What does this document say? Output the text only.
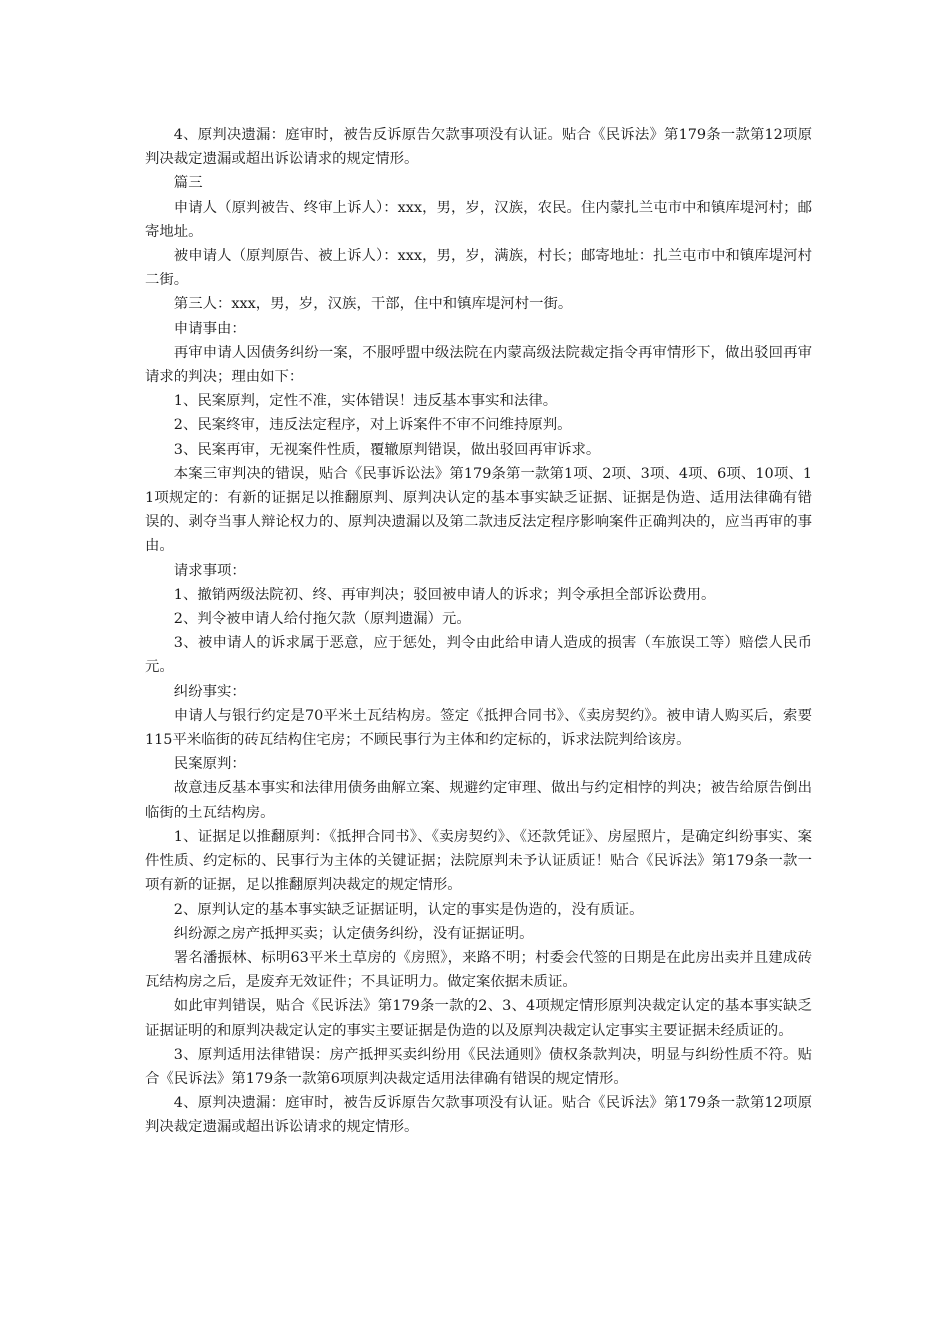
4、原判决遗漏：庭审时，被告反诉原告欠款事项没有认证。贴合《民诉法》第179条一款第12项原判决裁定遗漏或超出诉讼请求的规定情形。

篇三

申请人（原判被告、终审上诉人）：xxx，男，岁，汉族，农民。住内蒙扎兰屯市中和镇库堤河村；邮寄地址。

被申请人（原判原告、被上诉人）：xxx，男，岁，满族，村长；邮寄地址：扎兰屯市中和镇库堤河村二街。

第三人：xxx，男，岁，汉族，干部，住中和镇库堤河村一街。

申请事由：

再审申请人因债务纠纷一案，不服呼盟中级法院在内蒙高级法院裁定指令再审情形下，做出驳回再审请求的判决；理由如下：

1、民案原判，定性不准，实体错误！违反基本事实和法律。

2、民案终审，违反法定程序，对上诉案件不审不问维持原判。

3、民案再审，无视案件性质，覆辙原判错误，做出驳回再审诉求。

本案三审判决的错误，贴合《民事诉讼法》第179条第一款第1项、2项、3项、4项、6项、10项、11项规定的：有新的证据足以推翻原判、原判决认定的基本事实缺乏证据、证据是伪造、适用法律确有错误的、剥夺当事人辩论权力的、原判决遗漏以及第二款违反法定程序影响案件正确判决的，应当再审的事由。

请求事项：

1、撤销两级法院初、终、再审判决；驳回被申请人的诉求；判令承担全部诉讼费用。

2、判令被申请人给付拖欠款（原判遗漏）元。

3、被申请人的诉求属于恶意，应于惩处，判令由此给申请人造成的损害（车旅误工等）赔偿人民币元。

纠纷事实：

申请人与银行约定是70平米土瓦结构房。签定《抵押合同书》、《卖房契约》。被申请人购买后，索要115平米临街的砖瓦结构住宅房；不顾民事行为主体和约定标的，诉求法院判给该房。

民案原判：

故意违反基本事实和法律用债务曲解立案、规避约定审理、做出与约定相悖的判决；被告给原告倒出临街的土瓦结构房。

1、证据足以推翻原判：《抵押合同书》、《卖房契约》、《还款凭证》、房屋照片，是确定纠纷事实、案件性质、约定标的、民事行为主体的关键证据；法院原判未予认证质证！贴合《民诉法》第179条一款一项有新的证据，足以推翻原判决裁定的规定情形。

2、原判认定的基本事实缺乏证据证明，认定的事实是伪造的，没有质证。

纠纷源之房产抵押买卖；认定债务纠纷，没有证据证明。

署名潘振林、标明63平米土草房的《房照》，来路不明；村委会代签的日期是在此房出卖并且建成砖瓦结构房之后，是废弃无效证件；不具证明力。做定案依据未质证。

如此审判错误，贴合《民诉法》第179条一款的2、3、4项规定情形原判决裁定认定的基本事实缺乏证据证明的和原判决裁定认定的事实主要证据是伪造的以及原判决裁定认定事实主要证据未经质证的。

3、原判适用法律错误：房产抵押买卖纠纷用《民法通则》债权条款判决，明显与纠纷性质不符。贴合《民诉法》第179条一款第6项原判决裁定适用法律确有错误的规定情形。

4、原判决遗漏：庭审时，被告反诉原告欠款事项没有认证。贴合《民诉法》第179条一款第12项原判决裁定遗漏或超出诉讼请求的规定情形。
